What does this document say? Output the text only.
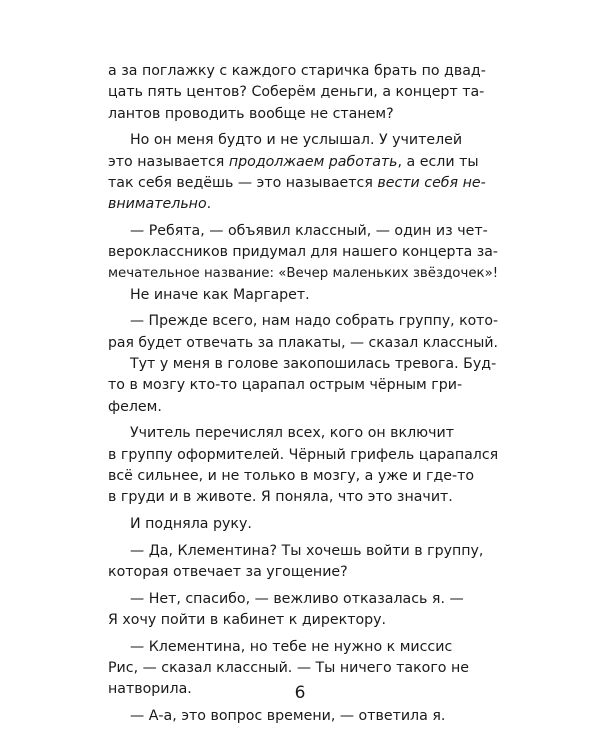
а за поглажку с каждого старичка брать по двад-
цать пять центов? Соберём деньги, а концерт та-
лантов проводить вообще не станем?
Но он меня будто и не услышал. У учителей
это называется продолжаем работать, а если ты
так себя ведёшь — это называется вести себя не-
внимательно.
— Ребята, — объявил классный, — один из чет-
вероклассников придумал для нашего концерта за-
мечательное название: «Вечер маленьких звёздочек»!
Не иначе как Маргарет.
— Прежде всего, нам надо собрать группу, кото-
рая будет отвечать за плакаты, — сказал классный.
Тут у меня в голове закопошилась тревога. Буд-
то в мозгу кто-то царапал острым чёрным гри-
фелем.
Учитель перечислял всех, кого он включит
в группу оформителей. Чёрный грифель царапался
всё сильнее, и не только в мозгу, а уже и где-то
в груди и в животе. Я поняла, что это значит.
И подняла руку.
— Да, Клементина? Ты хочешь войти в группу,
которая отвечает за угощение?
— Нет, спасибо, — вежливо отказалась я. —
Я хочу пойти в кабинет к директору.
— Клементина, но тебе не нужно к миссис
Рис, — сказал классный. — Ты ничего такого не
натворила.
— А-а, это вопрос времени, — ответила я.
6
